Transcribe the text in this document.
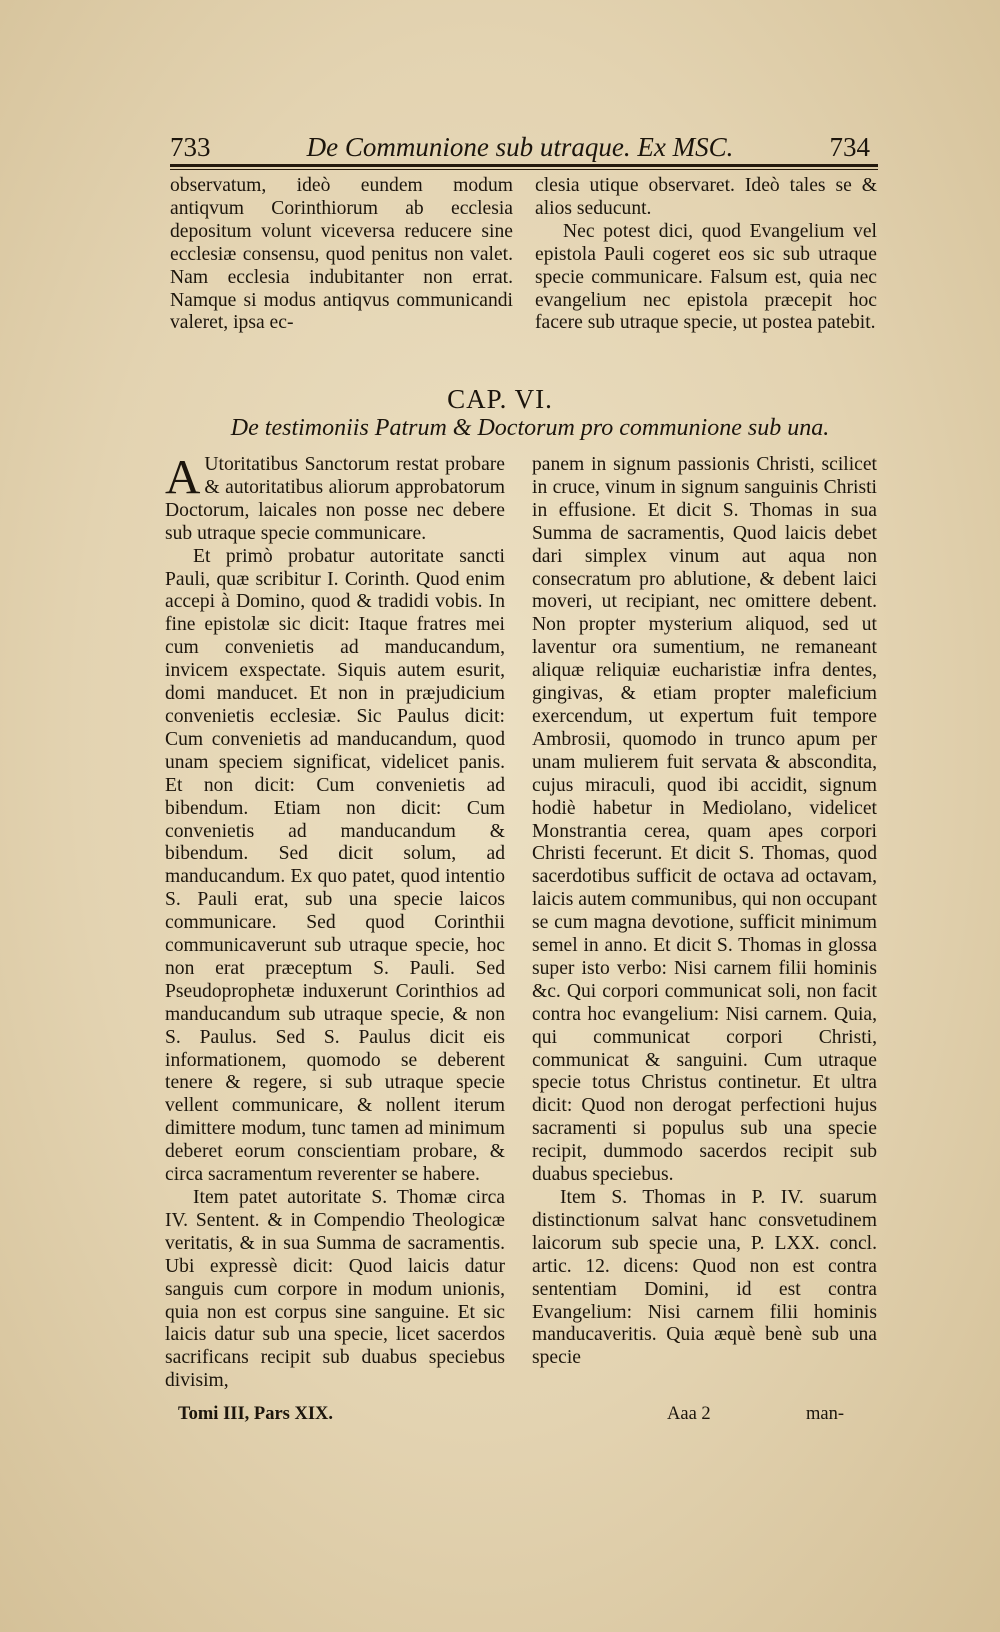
733	De Communione sub utraque. Ex MSC.	734

observatum, ideò eundem modum antiqvum Corinthiorum ab ecclesia depositum volunt viceversa reducere sine ecclesiæ consensu, quod penitus non valet. Nam ecclesia indubitanter non errat. Namque si modus antiqvus communicandi valeret, ipsa ec-

clesia utique observaret. Ideò tales se & alios seducunt.

Nec potest dici, quod Evangelium vel epistola Pauli cogeret eos sic sub utraque specie communicare. Falsum est, quia nec evangelium nec epistola præcepit hoc facere sub utraque specie, ut postea patebit.

CAP. VI.
De testimoniis Patrum & Doctorum pro communione sub una.

A Utoritatibus Sanctorum restat probare & autoritatibus aliorum approbatorum Doctorum, laicales non posse nec debere sub utraque specie communicare.

Et primò probatur autoritate sancti Pauli, quæ scribitur I. Corinth. Quod enim accepi à Domino, quod & tradidi vobis. In fine epistolæ sic dicit: Itaque fratres mei cum convenietis ad manducandum, invicem exspectate. Siquis autem esurit, domi manducet. Et non in præjudicium convenietis ecclesiæ. Sic Paulus dicit: Cum convenietis ad manducandum, quod unam speciem significat, videlicet panis. Et non dicit: Cum convenietis ad bibendum. Etiam non dicit: Cum convenietis ad manducandum & bibendum. Sed dicit solum, ad manducandum. Ex quo patet, quod intentio S. Pauli erat, sub una specie laicos communicare. Sed quod Corinthii communicaverunt sub utraque specie, hoc non erat præceptum S. Pauli. Sed Pseudoprophetæ induxerunt Corinthios ad manducandum sub utraque specie, & non S. Paulus. Sed S. Paulus dicit eis informationem, quomodo se deberent tenere & regere, si sub utraque specie vellent communicare, & nollent iterum dimittere modum, tunc tamen ad minimum deberet eorum conscientiam probare, & circa sacramentum reverenter se habere.

Item patet autoritate S. Thomæ circa IV. Sentent. & in Compendio Theologicæ veritatis, & in sua Summa de sacramentis. Ubi expressè dicit: Quod laicis datur sanguis cum corpore in modum unionis, quia non est corpus sine sanguine. Et sic laicis datur sub una specie, licet sacerdos sacrificans recipit sub duabus speciebus divisim,

panem in signum passionis Christi, scilicet in cruce, vinum in signum sanguinis Christi in effusione. Et dicit S. Thomas in sua Summa de sacramentis, Quod laicis debet dari simplex vinum aut aqua non consecratum pro ablutione, & debent laici moveri, ut recipiant, nec omittere debent. Non propter mysterium aliquod, sed ut laventur ora sumentium, ne remaneant aliquæ reliquiæ eucharistiæ infra dentes, gingivas, & etiam propter maleficium exercendum, ut expertum fuit tempore Ambrosii, quomodo in trunco apum per unam mulierem fuit servata & abscondita, cujus miraculi, quod ibi accidit, signum hodiè habetur in Mediolano, videlicet Monstrantia cerea, quam apes corpori Christi fecerunt. Et dicit S. Thomas, quod sacerdotibus sufficit de octava ad octavam, laicis autem communibus, qui non occupant se cum magna devotione, sufficit minimum semel in anno. Et dicit S. Thomas in glossa super isto verbo: Nisi carnem filii hominis &c. Qui corpori communicat soli, non facit contra hoc evangelium: Nisi carnem. Quia, qui communicat corpori Christi, communicat & sanguini. Cum utraque specie totus Christus continetur. Et ultra dicit: Quod non derogat perfectioni hujus sacramenti si populus sub una specie recipit, dummodo sacerdos recipit sub duabus speciebus.

Item S. Thomas in P. IV. suarum distinctionum salvat hanc consvetudinem laicorum sub specie una, P. LXX. concl. artic. 12. dicens: Quod non est contra sententiam Domini, id est contra Evangelium: Nisi carnem filii hominis manducaveritis. Quia æquè benè sub una specie

Tomi III, Pars XIX.	Aaa 2	man-
